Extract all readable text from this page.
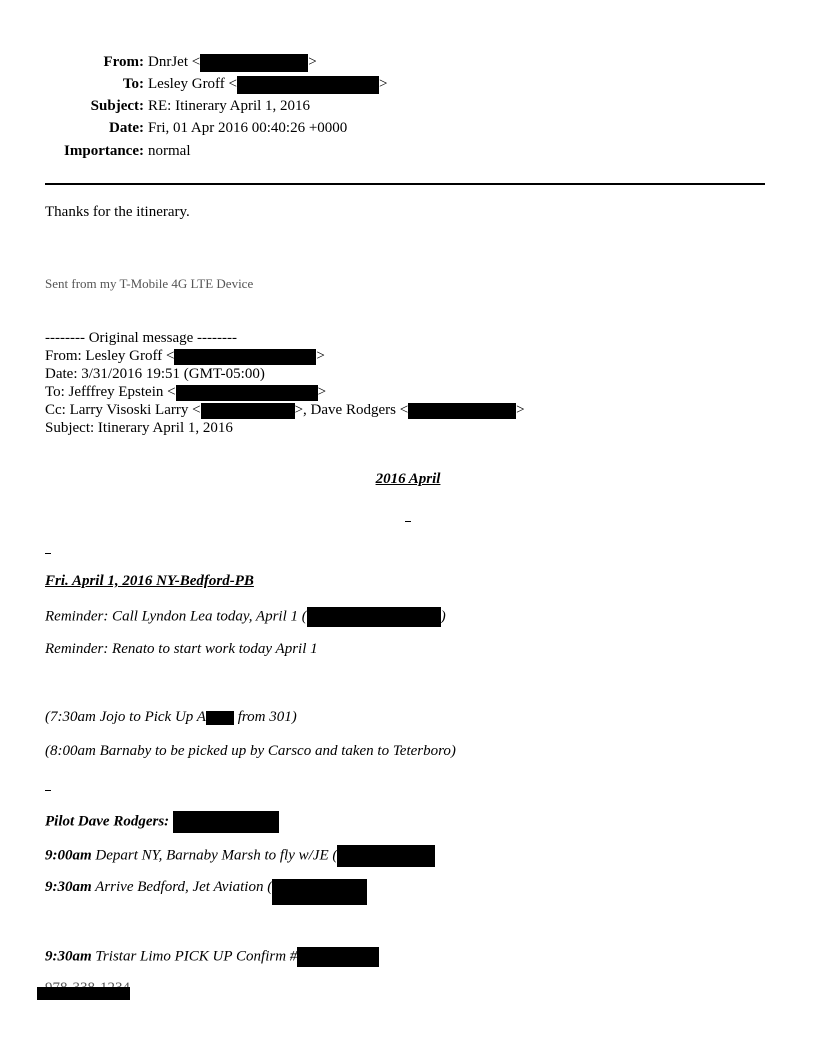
From: DnrJet <	>
To: Lesley Groff <	>
Subject: RE: Itinerary April 1, 2016
Date: Fri, 01 Apr 2016 00:40:26 +0000
Importance: normal
Thanks for the itinerary.
Sent from my T-Mobile 4G LTE Device
-------- Original message --------
From: Lesley Groff <	>
Date: 3/31/2016 19:51 (GMT-05:00)
To: Jefffrey Epstein <	>
Cc: Larry Visoski Larry <	>, Dave Rodgers <	>
Subject: Itinerary April 1, 2016
2016 April
Fri. April 1, 2016 NY-Bedford-PB
Reminder: Call Lyndon Lea today, April 1 (	)
Reminder: Renato to start work today April 1
(7:30am Jojo to Pick Up A from 301)
(8:00am Barnaby to be picked up by Carsco and taken to Teterboro)
Pilot Dave Rodgers:
9:00am Depart NY, Barnaby Marsh to fly w/JE (
9:30am Arrive Bedford, Jet Aviation (
9:30am Tristar Limo PICK UP Confirm #
